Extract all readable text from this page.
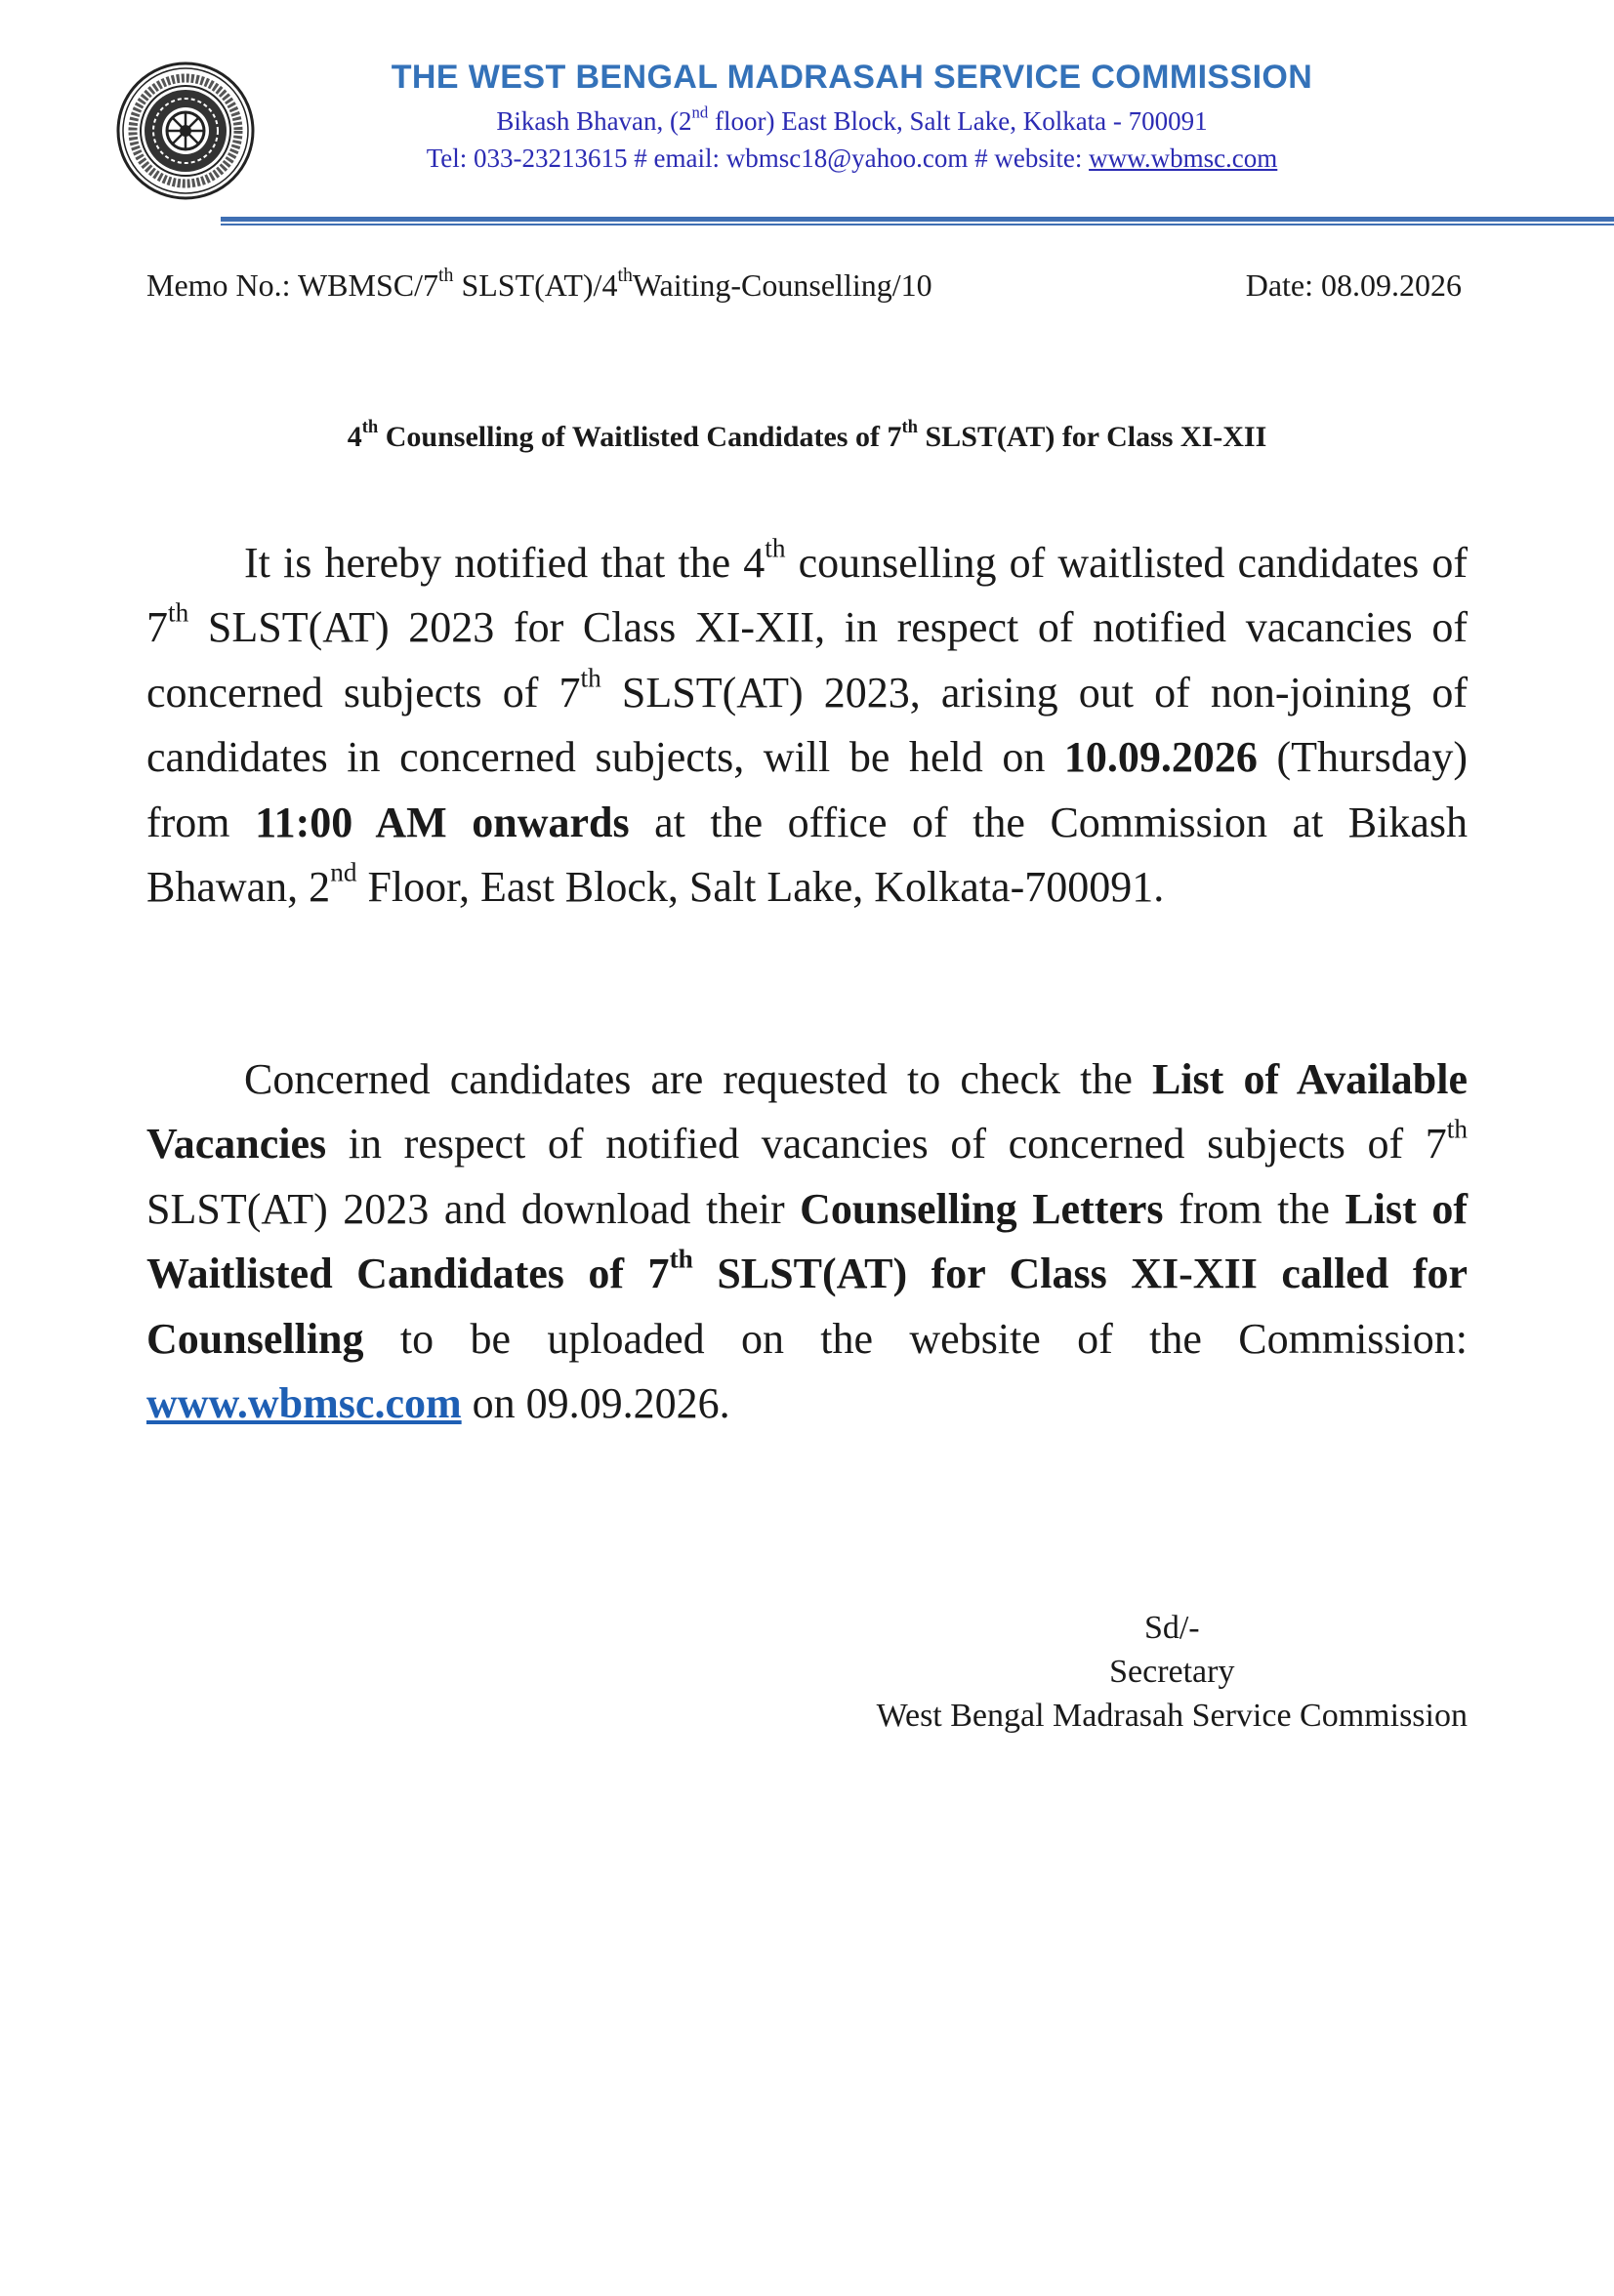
THE WEST BENGAL MADRASAH SERVICE COMMISSION
Bikash Bhavan, (2nd floor) East Block, Salt Lake, Kolkata - 700091
Tel: 033-23213615 # email: wbmsc18@yahoo.com # website: www.wbmsc.com
Memo No.: WBMSC/7th SLST(AT)/4thWaiting-Counselling/10	Date: 08.09.2026
4th Counselling of Waitlisted Candidates of 7th SLST(AT) for Class XI-XII

It is hereby notified that the 4th counselling of waitlisted candidates of 7th SLST(AT) 2023 for Class XI-XII, in respect of notified vacancies of concerned subjects of 7th SLST(AT) 2023, arising out of non-joining of candidates in concerned subjects, will be held on 10.09.2026 (Thursday) from 11:00 AM onwards at the office of the Commission at Bikash Bhawan, 2nd Floor, East Block, Salt Lake, Kolkata-700091.

Concerned candidates are requested to check the List of Available Vacancies in respect of notified vacancies of concerned subjects of 7th SLST(AT) 2023 and download their Counselling Letters from the List of Waitlisted Candidates of 7th SLST(AT) for Class XI-XII called for Counselling to be uploaded on the website of the Commission: www.wbmsc.com on 09.09.2026.

Sd/-
Secretary
West Bengal Madrasah Service Commission
